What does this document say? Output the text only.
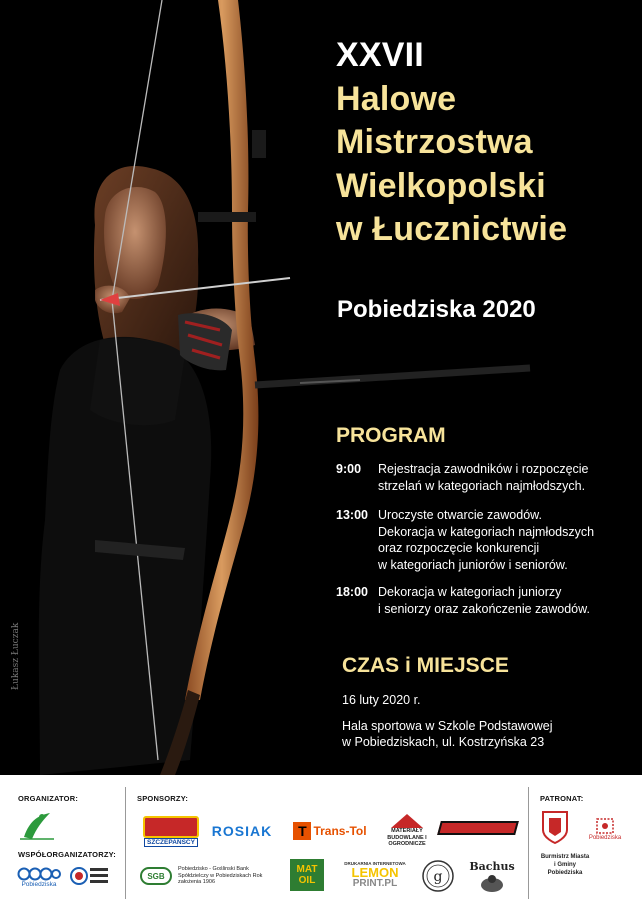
Łukasz Łuczak
XXVII
Halowe
Mistrzostwa
Wielkopolski
w Łucznictwie
Pobiedziska 2020
PROGRAM
9:00	Rejestracja zawodników i rozpoczęcie
strzelań w kategoriach najmłodszych.
13:00 Uroczyste otwarcie zawodów.
Dekoracja w kategoriach najmłodszych
oraz rozpoczęcie konkurencji
w kategoriach juniorów i seniorów.
18:00 Dekoracja w kategoriach juniorzy
i seniorzy oraz zakończenie zawodów.
CZAS i MIEJSCE
16 luty 2020 r.
Hala sportowa w Szkole Podstawowej
w Pobiedziskach, ul. Kostrzyńska 23
ORGANIZATOR:
WSPÓŁORGANIZATORZY:
SPONSORZY:	PATRONAT:
Pobiedziska
SZCZEPAŃSCY
ROSIAK	T Trans-Tol	MATERIAŁY BUDOWLANE I OGRODNICZE
SGB
Pobiedzisko - Goślinski Bank Spółdzielczy w Pobiedziskach Rok założenia 1906
MAT OIL
DRUKARNIA INTERNETOWA
LEMON
PRINT.PL	g
Bachus
Pobiedziska
Burmistrz Miasta i Gminy Pobiedziska
